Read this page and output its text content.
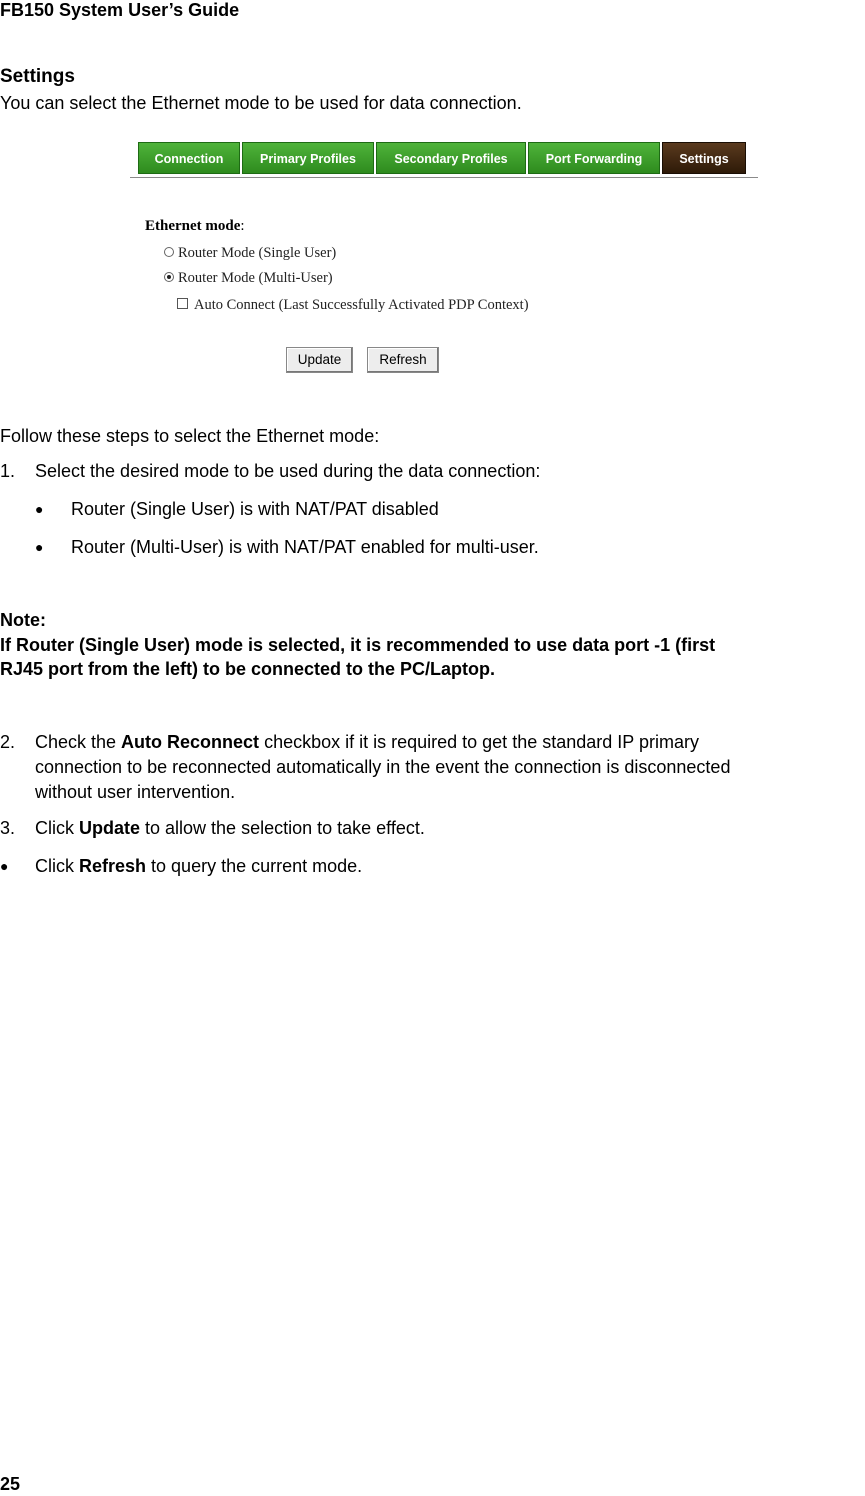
FB150 System User’s Guide
Settings
You can select the Ethernet mode to be used for data connection.
Connection	Primary Profiles	Secondary Profiles	Port Forwarding	Settings
Ethernet mode:
Router Mode (Single User)
Router Mode (Multi-User)
Auto Connect (Last Successfully Activated PDP Context)
Update	Refresh
Follow these steps to select the Ethernet mode:
1. Select the desired mode to be used during the data connection:
● Router (Single User) is with NAT/PAT disabled
● Router (Multi-User) is with NAT/PAT enabled for multi-user.
Note:
If Router (Single User) mode is selected, it is recommended to use data port -1 (first
RJ45 port from the left) to be connected to the PC/Laptop.
2. Check the Auto Reconnect checkbox if it is required to get the standard IP primary
connection to be reconnected automatically in the event the connection is disconnected
without user intervention.
3. Click Update to allow the selection to take effect.
● Click Refresh to query the current mode.
25
